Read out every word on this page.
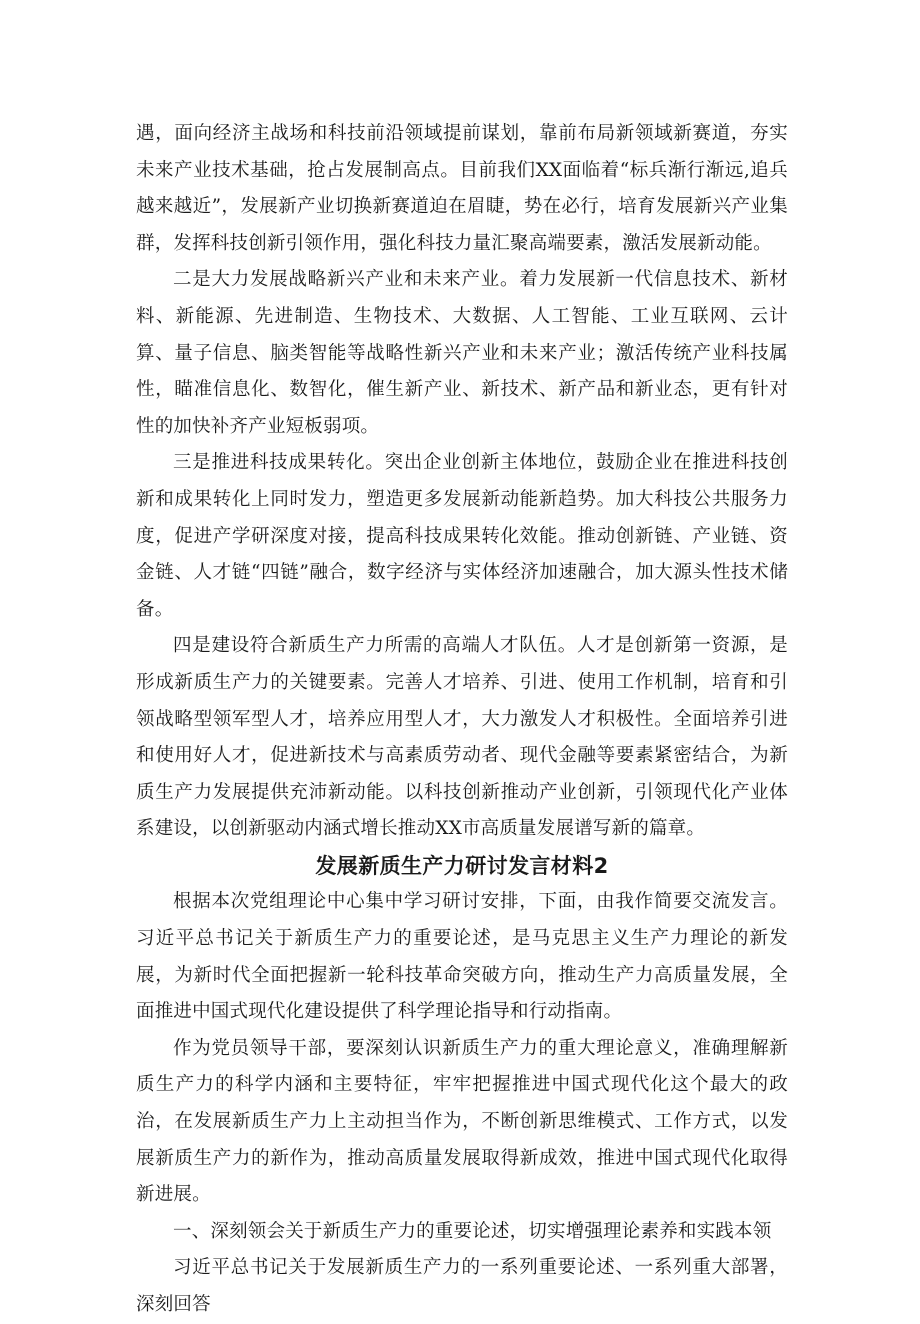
遇，面向经济主战场和科技前沿领域提前谋划，靠前布局新领域新赛道，夯实未来产业技术基础，抢占发展制高点。目前我们XX面临着“标兵渐行渐远,追兵越来越近”，发展新产业切换新赛道迫在眉睫，势在必行，培育发展新兴产业集群，发挥科技创新引领作用，强化科技力量汇聚高端要素，激活发展新动能。

二是大力发展战略新兴产业和未来产业。着力发展新一代信息技术、新材料、新能源、先进制造、生物技术、大数据、人工智能、工业互联网、云计算、量子信息、脑类智能等战略性新兴产业和未来产业；激活传统产业科技属性，瞄准信息化、数智化，催生新产业、新技术、新产品和新业态，更有针对性的加快补齐产业短板弱项。

三是推进科技成果转化。突出企业创新主体地位，鼓励企业在推进科技创新和成果转化上同时发力，塑造更多发展新动能新趋势。加大科技公共服务力度，促进产学研深度对接，提高科技成果转化效能。推动创新链、产业链、资金链、人才链“四链”融合，数字经济与实体经济加速融合，加大源头性技术储备。

四是建设符合新质生产力所需的高端人才队伍。人才是创新第一资源，是形成新质生产力的关键要素。完善人才培养、引进、使用工作机制，培育和引领战略型领军型人才，培养应用型人才，大力激发人才积极性。全面培养引进和使用好人才，促进新技术与高素质劳动者、现代金融等要素紧密结合，为新质生产力发展提供充沛新动能。以科技创新推动产业创新，引领现代化产业体系建设，以创新驱动内涵式增长推动XX市高质量发展谱写新的篇章。

发展新质生产力研讨发言材料2

根据本次党组理论中心集中学习研讨安排，下面，由我作简要交流发言。习近平总书记关于新质生产力的重要论述，是马克思主义生产力理论的新发展，为新时代全面把握新一轮科技革命突破方向，推动生产力高质量发展，全面推进中国式现代化建设提供了科学理论指导和行动指南。

作为党员领导干部，要深刻认识新质生产力的重大理论意义，准确理解新质生产力的科学内涵和主要特征，牢牢把握推进中国式现代化这个最大的政治，在发展新质生产力上主动担当作为，不断创新思维模式、工作方式，以发展新质生产力的新作为，推动高质量发展取得新成效，推进中国式现代化取得新进展。

一、深刻领会关于新质生产力的重要论述，切实增强理论素养和实践本领

习近平总书记关于发展新质生产力的一系列重要论述、一系列重大部署，深刻回答
